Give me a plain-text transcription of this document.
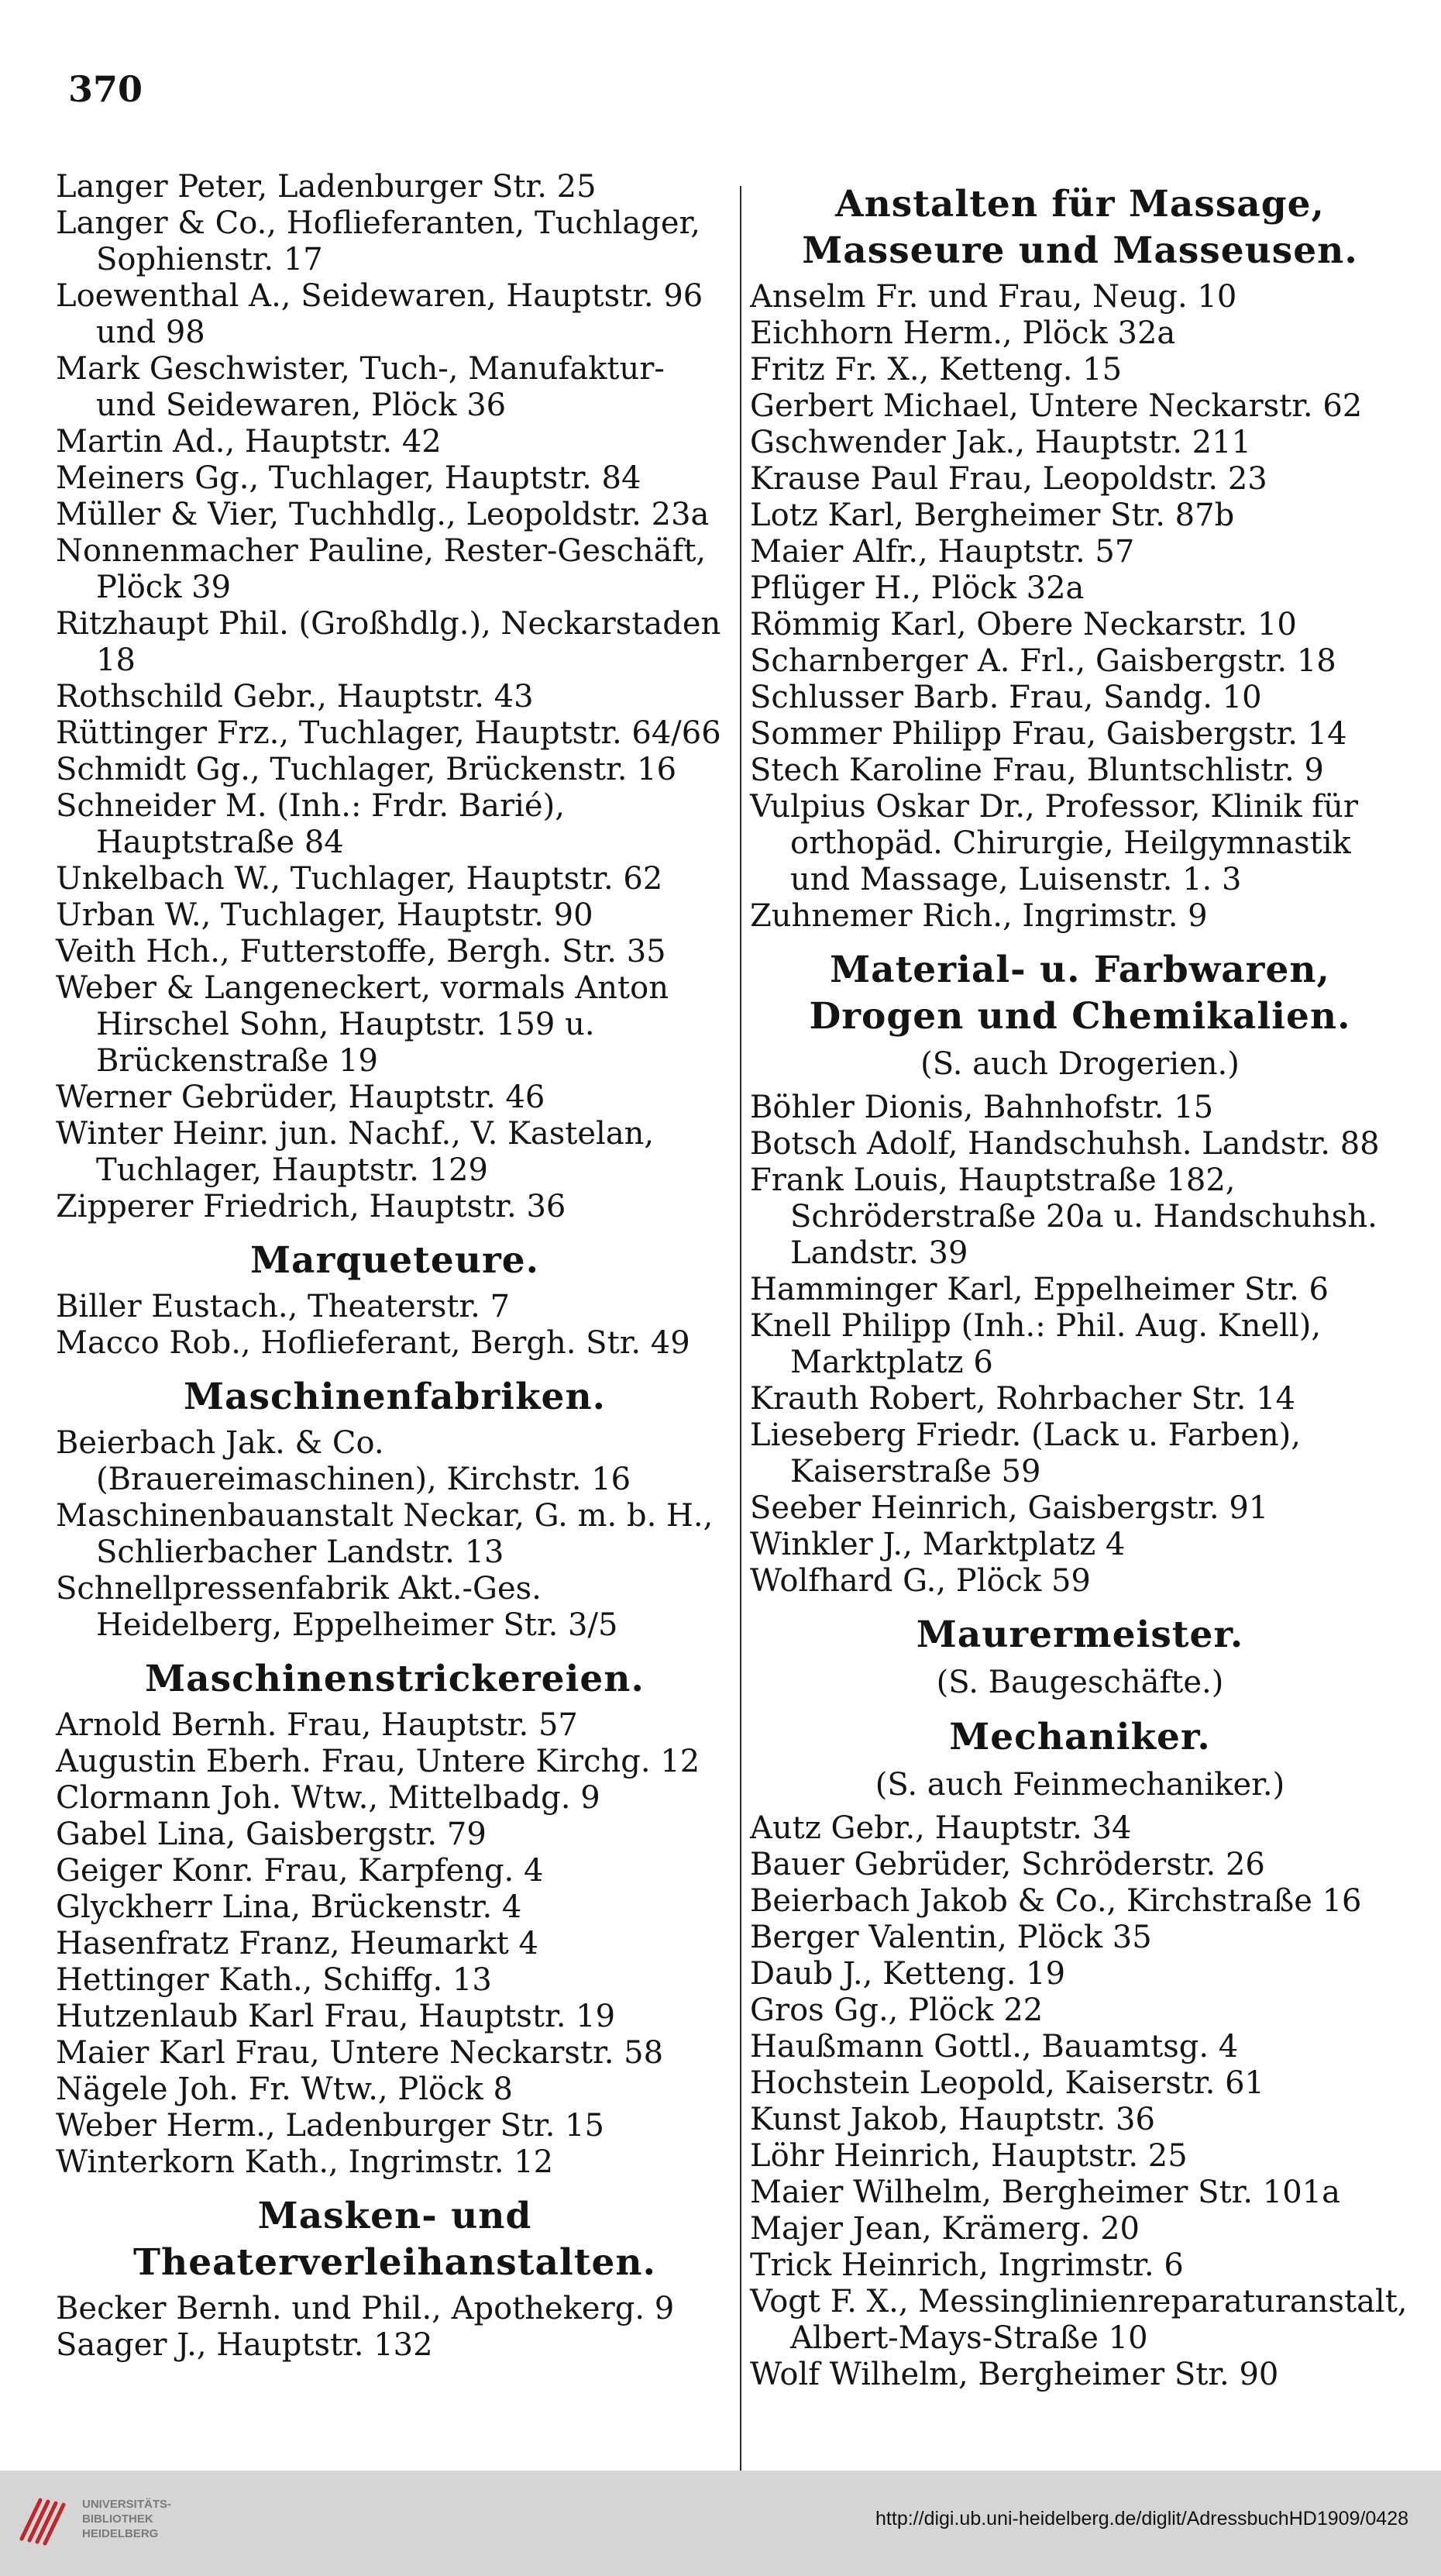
370

Langer Peter, Ladenburger Str. 25

Langer & Co., Hoflieferanten, Tuchlager, Sophienstr. 17

Loewenthal A., Seidewaren, Hauptstr. 96 und 98

Mark Geschwister, Tuch-, Manufaktur- und Seidewaren, Plöck 36

Martin Ad., Hauptstr. 42

Meiners Gg., Tuchlager, Hauptstr. 84

Müller & Vier, Tuchhdlg., Leopoldstr. 23a

Nonnenmacher Pauline, Rester-Geschäft, Plöck 39

Ritzhaupt Phil. (Großhdlg.), Neckarstaden 18

Rothschild Gebr., Hauptstr. 43

Rüttinger Frz., Tuchlager, Hauptstr. 64/66

Schmidt Gg., Tuchlager, Brückenstr. 16

Schneider M. (Inh.: Frdr. Barié), Hauptstraße 84

Unkelbach W., Tuchlager, Hauptstr. 62

Urban W., Tuchlager, Hauptstr. 90

Veith Hch., Futterstoffe, Bergh. Str. 35

Weber & Langeneckert, vormals Anton Hirschel Sohn, Hauptstr. 159 u. Brückenstraße 19

Werner Gebrüder, Hauptstr. 46

Winter Heinr. jun. Nachf., V. Kastelan, Tuchlager, Hauptstr. 129

Zipperer Friedrich, Hauptstr. 36

Marqueteure.

Biller Eustach., Theaterstr. 7

Macco Rob., Hoflieferant, Bergh. Str. 49

Maschinenfabriken.

Beierbach Jak. & Co. (Brauereimaschinen), Kirchstr. 16

Maschinenbauanstalt Neckar, G. m. b. H., Schlierbacher Landstr. 13

Schnellpressenfabrik Akt.-Ges. Heidelberg, Eppelheimer Str. 3/5

Maschinenstrickereien.

Arnold Bernh. Frau, Hauptstr. 57

Augustin Eberh. Frau, Untere Kirchg. 12

Clormann Joh. Wtw., Mittelbadg. 9

Gabel Lina, Gaisbergstr. 79

Geiger Konr. Frau, Karpfeng. 4

Glyckherr Lina, Brückenstr. 4

Hasenfratz Franz, Heumarkt 4

Hettinger Kath., Schiffg. 13

Hutzenlaub Karl Frau, Hauptstr. 19

Maier Karl Frau, Untere Neckarstr. 58

Nägele Joh. Fr. Wtw., Plöck 8

Weber Herm., Ladenburger Str. 15

Winterkorn Kath., Ingrimstr. 12

Masken- und Theaterverleihanstalten.

Becker Bernh. und Phil., Apothekerg. 9

Saager J., Hauptstr. 132

Anstalten für Massage, Masseure und Masseusen.

Anselm Fr. und Frau, Neug. 10

Eichhorn Herm., Plöck 32a

Fritz Fr. X., Ketteng. 15

Gerbert Michael, Untere Neckarstr. 62

Gschwender Jak., Hauptstr. 211

Krause Paul Frau, Leopoldstr. 23

Lotz Karl, Bergheimer Str. 87b

Maier Alfr., Hauptstr. 57

Pflüger H., Plöck 32a

Römmig Karl, Obere Neckarstr. 10

Scharnberger A. Frl., Gaisbergstr. 18

Schlusser Barb. Frau, Sandg. 10

Sommer Philipp Frau, Gaisbergstr. 14

Stech Karoline Frau, Bluntschlistr. 9

Vulpius Oskar Dr., Professor, Klinik für orthopäd. Chirurgie, Heilgymnastik und Massage, Luisenstr. 1. 3

Zuhnemer Rich., Ingrimstr. 9

Material- u. Farbwaren, Drogen und Chemikalien.
(S. auch Drogerien.)

Böhler Dionis, Bahnhofstr. 15

Botsch Adolf, Handschuhsh. Landstr. 88

Frank Louis, Hauptstraße 182, Schröderstraße 20a u. Handschuhsh. Landstr. 39

Hamminger Karl, Eppelheimer Str. 6

Knell Philipp (Inh.: Phil. Aug. Knell), Marktplatz 6

Krauth Robert, Rohrbacher Str. 14

Lieseberg Friedr. (Lack u. Farben), Kaiserstraße 59

Seeber Heinrich, Gaisbergstr. 91

Winkler J., Marktplatz 4

Wolfhard G., Plöck 59

Maurermeister.
(S. Baugeschäfte.)
Mechaniker.
(S. auch Feinmechaniker.)

Autz Gebr., Hauptstr. 34

Bauer Gebrüder, Schröderstr. 26

Beierbach Jakob & Co., Kirchstraße 16

Berger Valentin, Plöck 35

Daub J., Ketteng. 19

Gros Gg., Plöck 22

Haußmann Gottl., Bauamtsg. 4

Hochstein Leopold, Kaiserstr. 61

Kunst Jakob, Hauptstr. 36

Löhr Heinrich, Hauptstr. 25

Maier Wilhelm, Bergheimer Str. 101a

Majer Jean, Krämerg. 20

Trick Heinrich, Ingrimstr. 6

Vogt F. X., Messinglinienreparaturanstalt, Albert-Mays-Straße 10

Wolf Wilhelm, Bergheimer Str. 90

UNIVERSITÄTS-
BIBLIOTHEK
HEIDELBERG
http://digi.ub.uni-heidelberg.de/diglit/AdressbuchHD1909/0428
